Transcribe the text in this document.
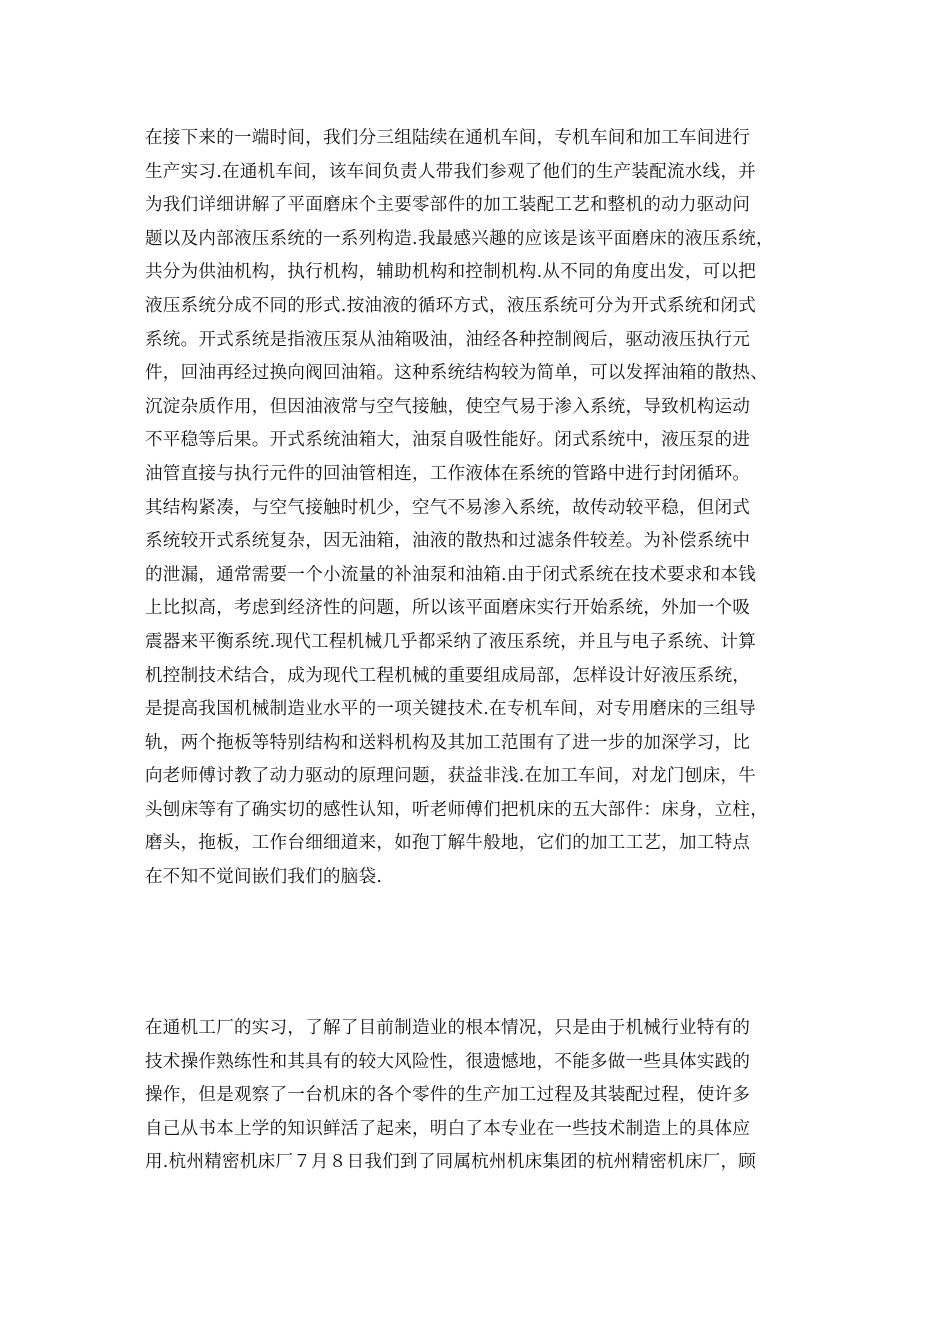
在接下来的一端时间，我们分三组陆续在通机车间，专机车间和加工车间进行
生产实习.在通机车间，该车间负责人带我们参观了他们的生产装配流水线，并
为我们详细讲解了平面磨床个主要零部件的加工装配工艺和整机的动力驱动问
题以及内部液压系统的一系列构造.我最感兴趣的应该是该平面磨床的液压系统，
共分为供油机构，执行机构，辅助机构和控制机构.从不同的角度出发，可以把
液压系统分成不同的形式.按油液的循环方式，液压系统可分为开式系统和闭式
系统。开式系统是指液压泵从油箱吸油，油经各种控制阀后，驱动液压执行元
件，回油再经过换向阀回油箱。这种系统结构较为简单，可以发挥油箱的散热、
沉淀杂质作用，但因油液常与空气接触，使空气易于渗入系统，导致机构运动
不平稳等后果。开式系统油箱大，油泵自吸性能好。闭式系统中，液压泵的进
油管直接与执行元件的回油管相连，工作液体在系统的管路中进行封闭循环。
其结构紧凑，与空气接触时机少，空气不易渗入系统，故传动较平稳，但闭式
系统较开式系统复杂，因无油箱，油液的散热和过滤条件较差。为补偿系统中
的泄漏，通常需要一个小流量的补油泵和油箱.由于闭式系统在技术要求和本钱
上比拟高，考虑到经济性的问题，所以该平面磨床实行开始系统，外加一个吸
震器来平衡系统.现代工程机械几乎都采纳了液压系统，并且与电子系统、计算
机控制技术结合，成为现代工程机械的重要组成局部，怎样设计好液压系统，
是提高我国机械制造业水平的一项关键技术.在专机车间，对专用磨床的三组导
轨，两个拖板等特别结构和送料机构及其加工范围有了进一步的加深学习，比
向老师傅讨教了动力驱动的原理问题，获益非浅.在加工车间，对龙门刨床，牛
头刨床等有了确实切的感性认知，听老师傅们把机床的五大部件：床身，立柱，
磨头，拖板，工作台细细道来，如孢丁解牛般地，它们的加工工艺，加工特点
在不知不觉间嵌们我们的脑袋.
在通机工厂的实习，了解了目前制造业的根本情况，只是由于机械行业特有的
技术操作熟练性和其具有的较大风险性，很遗憾地，不能多做一些具体实践的
操作，但是观察了一台机床的各个零件的生产加工过程及其装配过程，使许多
自己从书本上学的知识鲜活了起来，明白了本专业在一些技术制造上的具体应
用.杭州精密机床厂７月８日我们到了同属杭州机床集团的杭州精密机床厂，顾
